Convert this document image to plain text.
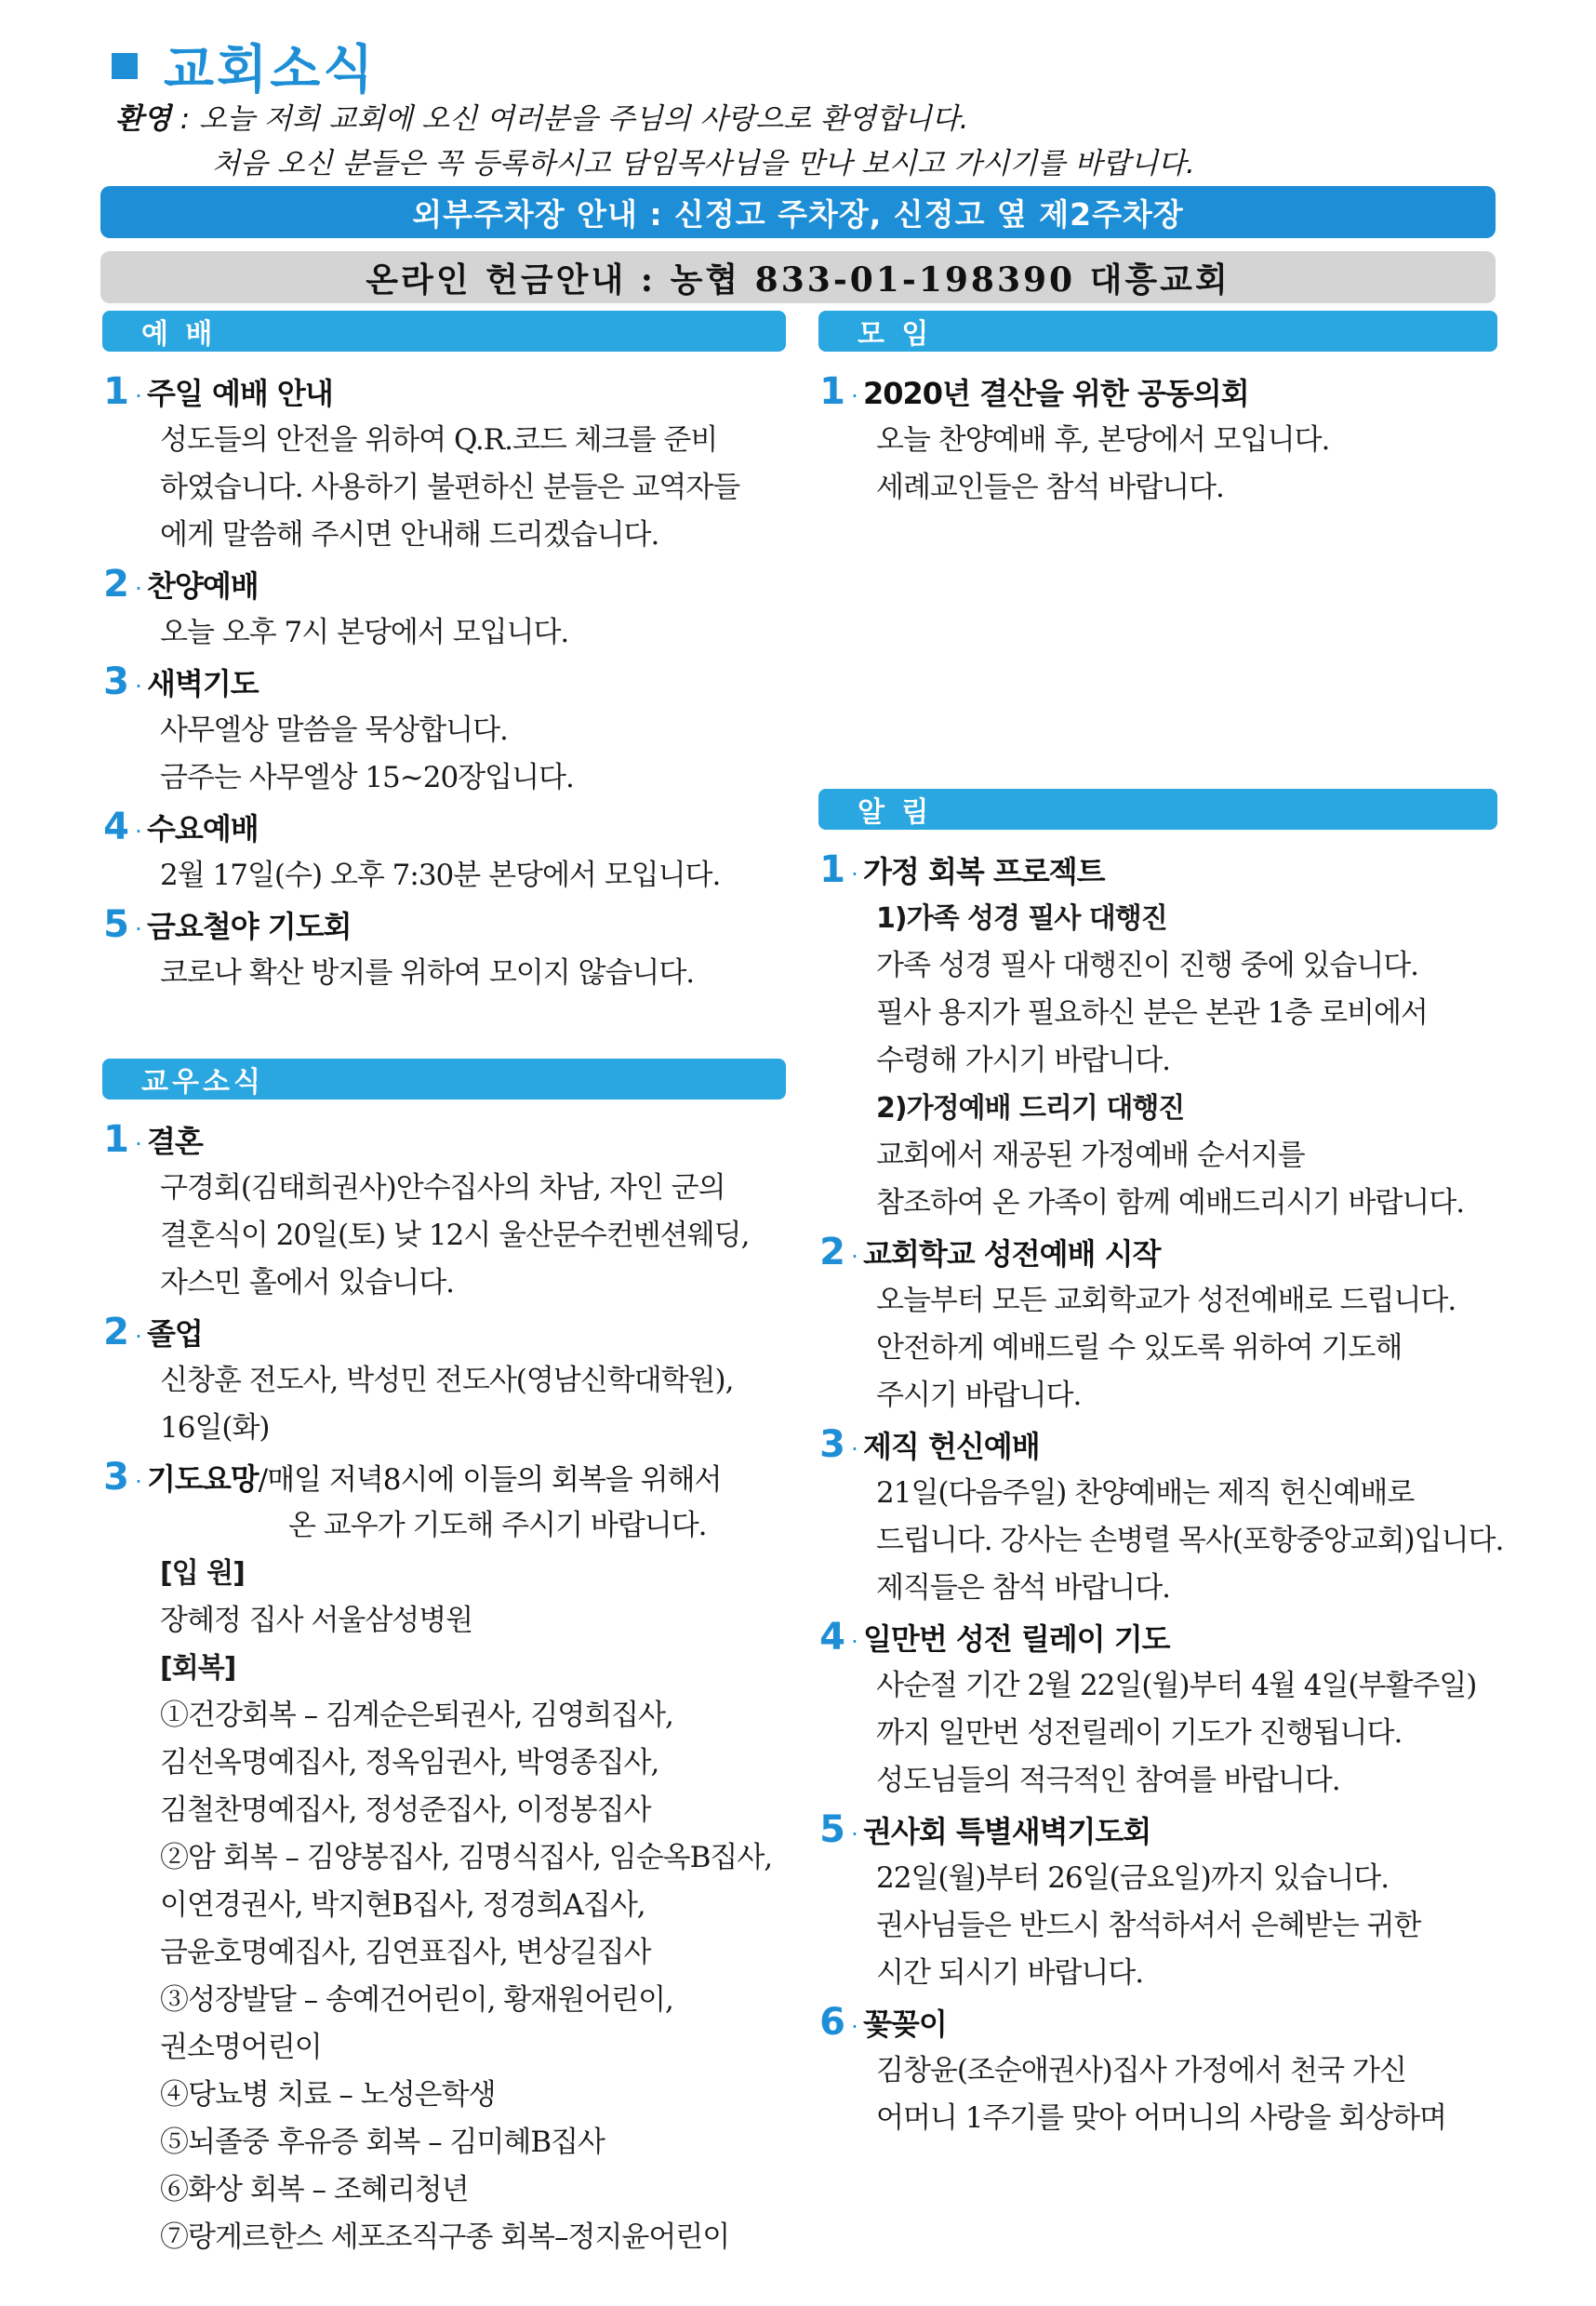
교회소식
환영 : 오늘 저희 교회에 오신 여러분을 주님의 사랑으로 환영합니다.
처음 오신 분들은 꼭 등록하시고 담임목사님을 만나 보시고 가시기를 바랍니다.
외부주차장 안내 : 신정고 주차장, 신정고 옆 제2주차장
온라인 헌금안내 : 농협 833-01-198390 대흥교회
예 배
1 · 주일 예배 안내
성도들의 안전을 위하여 Q.R.코드 체크를 준비
하였습니다. 사용하기 불편하신 분들은 교역자들
에게 말씀해 주시면 안내해 드리겠습니다.
2 · 찬양예배
오늘 오후 7시 본당에서 모입니다.
3 · 새벽기도
사무엘상 말씀을 묵상합니다.
금주는 사무엘상 15~20장입니다.
4 · 수요예배
2월 17일(수) 오후 7:30분 본당에서 모입니다.
5 · 금요철야 기도회
코로나 확산 방지를 위하여 모이지 않습니다.
교우소식
1 · 결혼
구경회(김태희권사)안수집사의 차남, 자인 군의
결혼식이 20일(토) 낮 12시 울산문수컨벤션웨딩,
자스민 홀에서 있습니다.
2 · 졸업
신창훈 전도사, 박성민 전도사(영남신학대학원),
16일(화)
3 · 기도요망/매일 저녁8시에 이들의 회복을 위해서
온 교우가 기도해 주시기 바랍니다.
[입 원]
장혜정 집사 서울삼성병원
[회복]
①건강회복 – 김계순은퇴권사, 김영희집사,
김선옥명예집사, 정옥임권사, 박영종집사,
김철찬명예집사, 정성준집사, 이정봉집사
②암 회복 – 김양봉집사, 김명식집사, 임순옥B집사,
이연경권사, 박지현B집사, 정경희A집사,
금윤호명예집사, 김연표집사, 변상길집사
③성장발달 – 송예건어린이, 황재원어린이,
권소명어린이
④당뇨병 치료 – 노성은학생
⑤뇌졸중 후유증 회복 – 김미혜B집사
⑥화상 회복 – 조혜리청년
⑦랑게르한스 세포조직구종 회복–정지윤어린이
모 임
1 · 2020년 결산을 위한 공동의회
오늘 찬양예배 후, 본당에서 모입니다.
세례교인들은 참석 바랍니다.
알 림
1 · 가정 회복 프로젝트
1)가족 성경 필사 대행진
가족 성경 필사 대행진이 진행 중에 있습니다.
필사 용지가 필요하신 분은 본관 1층 로비에서
수령해 가시기 바랍니다.
2)가정예배 드리기 대행진
교회에서 재공된 가정예배 순서지를
참조하여 온 가족이 함께 예배드리시기 바랍니다.
2 · 교회학교 성전예배 시작
오늘부터 모든 교회학교가 성전예배로 드립니다.
안전하게 예배드릴 수 있도록 위하여 기도해
주시기 바랍니다.
3 · 제직 헌신예배
21일(다음주일) 찬양예배는 제직 헌신예배로
드립니다. 강사는 손병렬 목사(포항중앙교회)입니다.
제직들은 참석 바랍니다.
4 · 일만번 성전 릴레이 기도
사순절 기간 2월 22일(월)부터 4월 4일(부활주일)
까지 일만번 성전릴레이 기도가 진행됩니다.
성도님들의 적극적인 참여를 바랍니다.
5 · 권사회 특별새벽기도회
22일(월)부터 26일(금요일)까지 있습니다.
권사님들은 반드시 참석하셔서 은혜받는 귀한
시간 되시기 바랍니다.
6 · 꽃꽂이
김창윤(조순애권사)집사 가정에서 천국 가신
어머니 1주기를 맞아 어머니의 사랑을 회상하며
